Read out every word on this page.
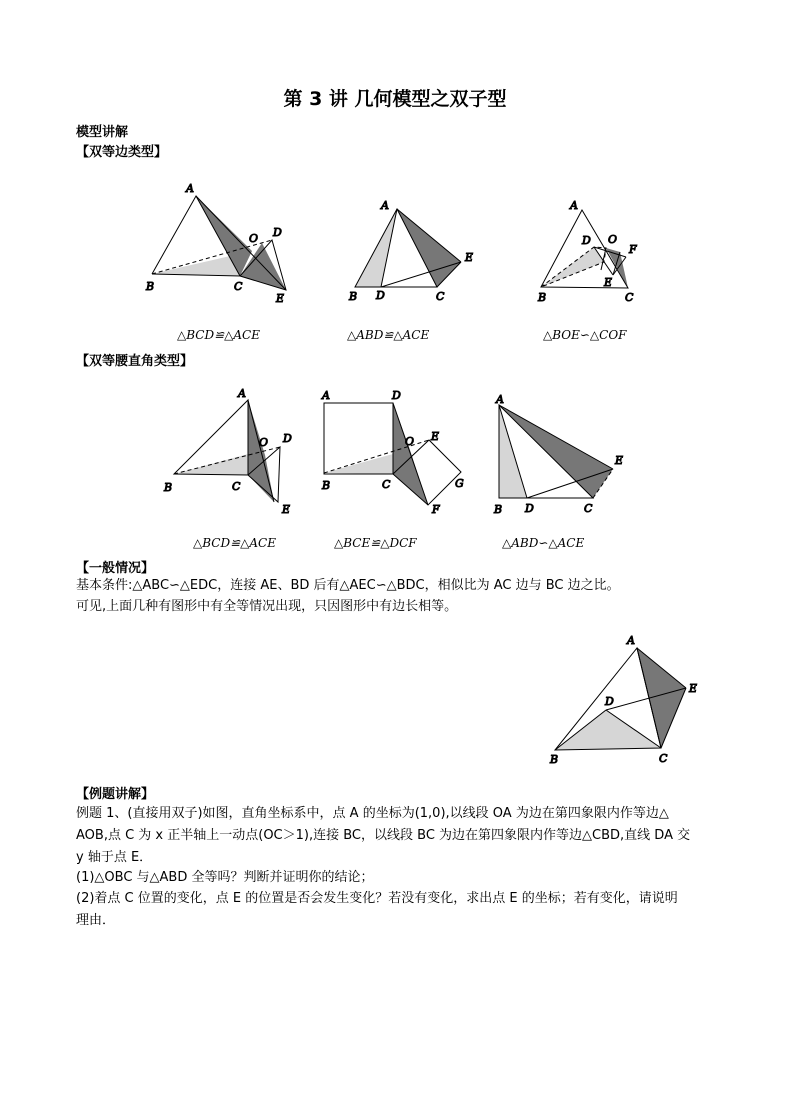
第 3 讲 几何模型之双子型
模型讲解
【双等边类型】
A
B	C
D
E
O
A
B D	C
E
A
D O
F
E
B	C
A
B	C
O D
E
A	D
O E
G
F
B	C
A
B D	C
E
A
E
D
B	C
△BCD≌△ACE	△ABD≌△ACE	△BOE∽△COF
【双等腰直角类型】
△BCD≌△ACE	△BCE≌△DCF	△ABD∽△ACE
【一般情况】
基本条件:△ABC∽△EDC，连接 AE、BD 后有△AEC∽△BDC，相似比为 AC 边与 BC 边之比。
可见,上面几种有图形中有全等情况出现，只因图形中有边长相等。
【例题讲解】
例题 1、(直接用双子)如图，直角坐标系中，点 A 的坐标为(1,0),以线段 OA 为边在第四象限内作等边△
AOB,点 C 为 x 正半轴上一动点(OC＞1),连接 BC，以线段 BC 为边在第四象限内作等边△CBD,直线 DA 交
y 轴于点 E．
(1)△OBC 与△ABD 全等吗？判断并证明你的结论；
(2)着点 C 位置的变化，点 E 的位置是否会发生变化？若没有变化，求出点 E 的坐标；若有变化，请说明
理由．
